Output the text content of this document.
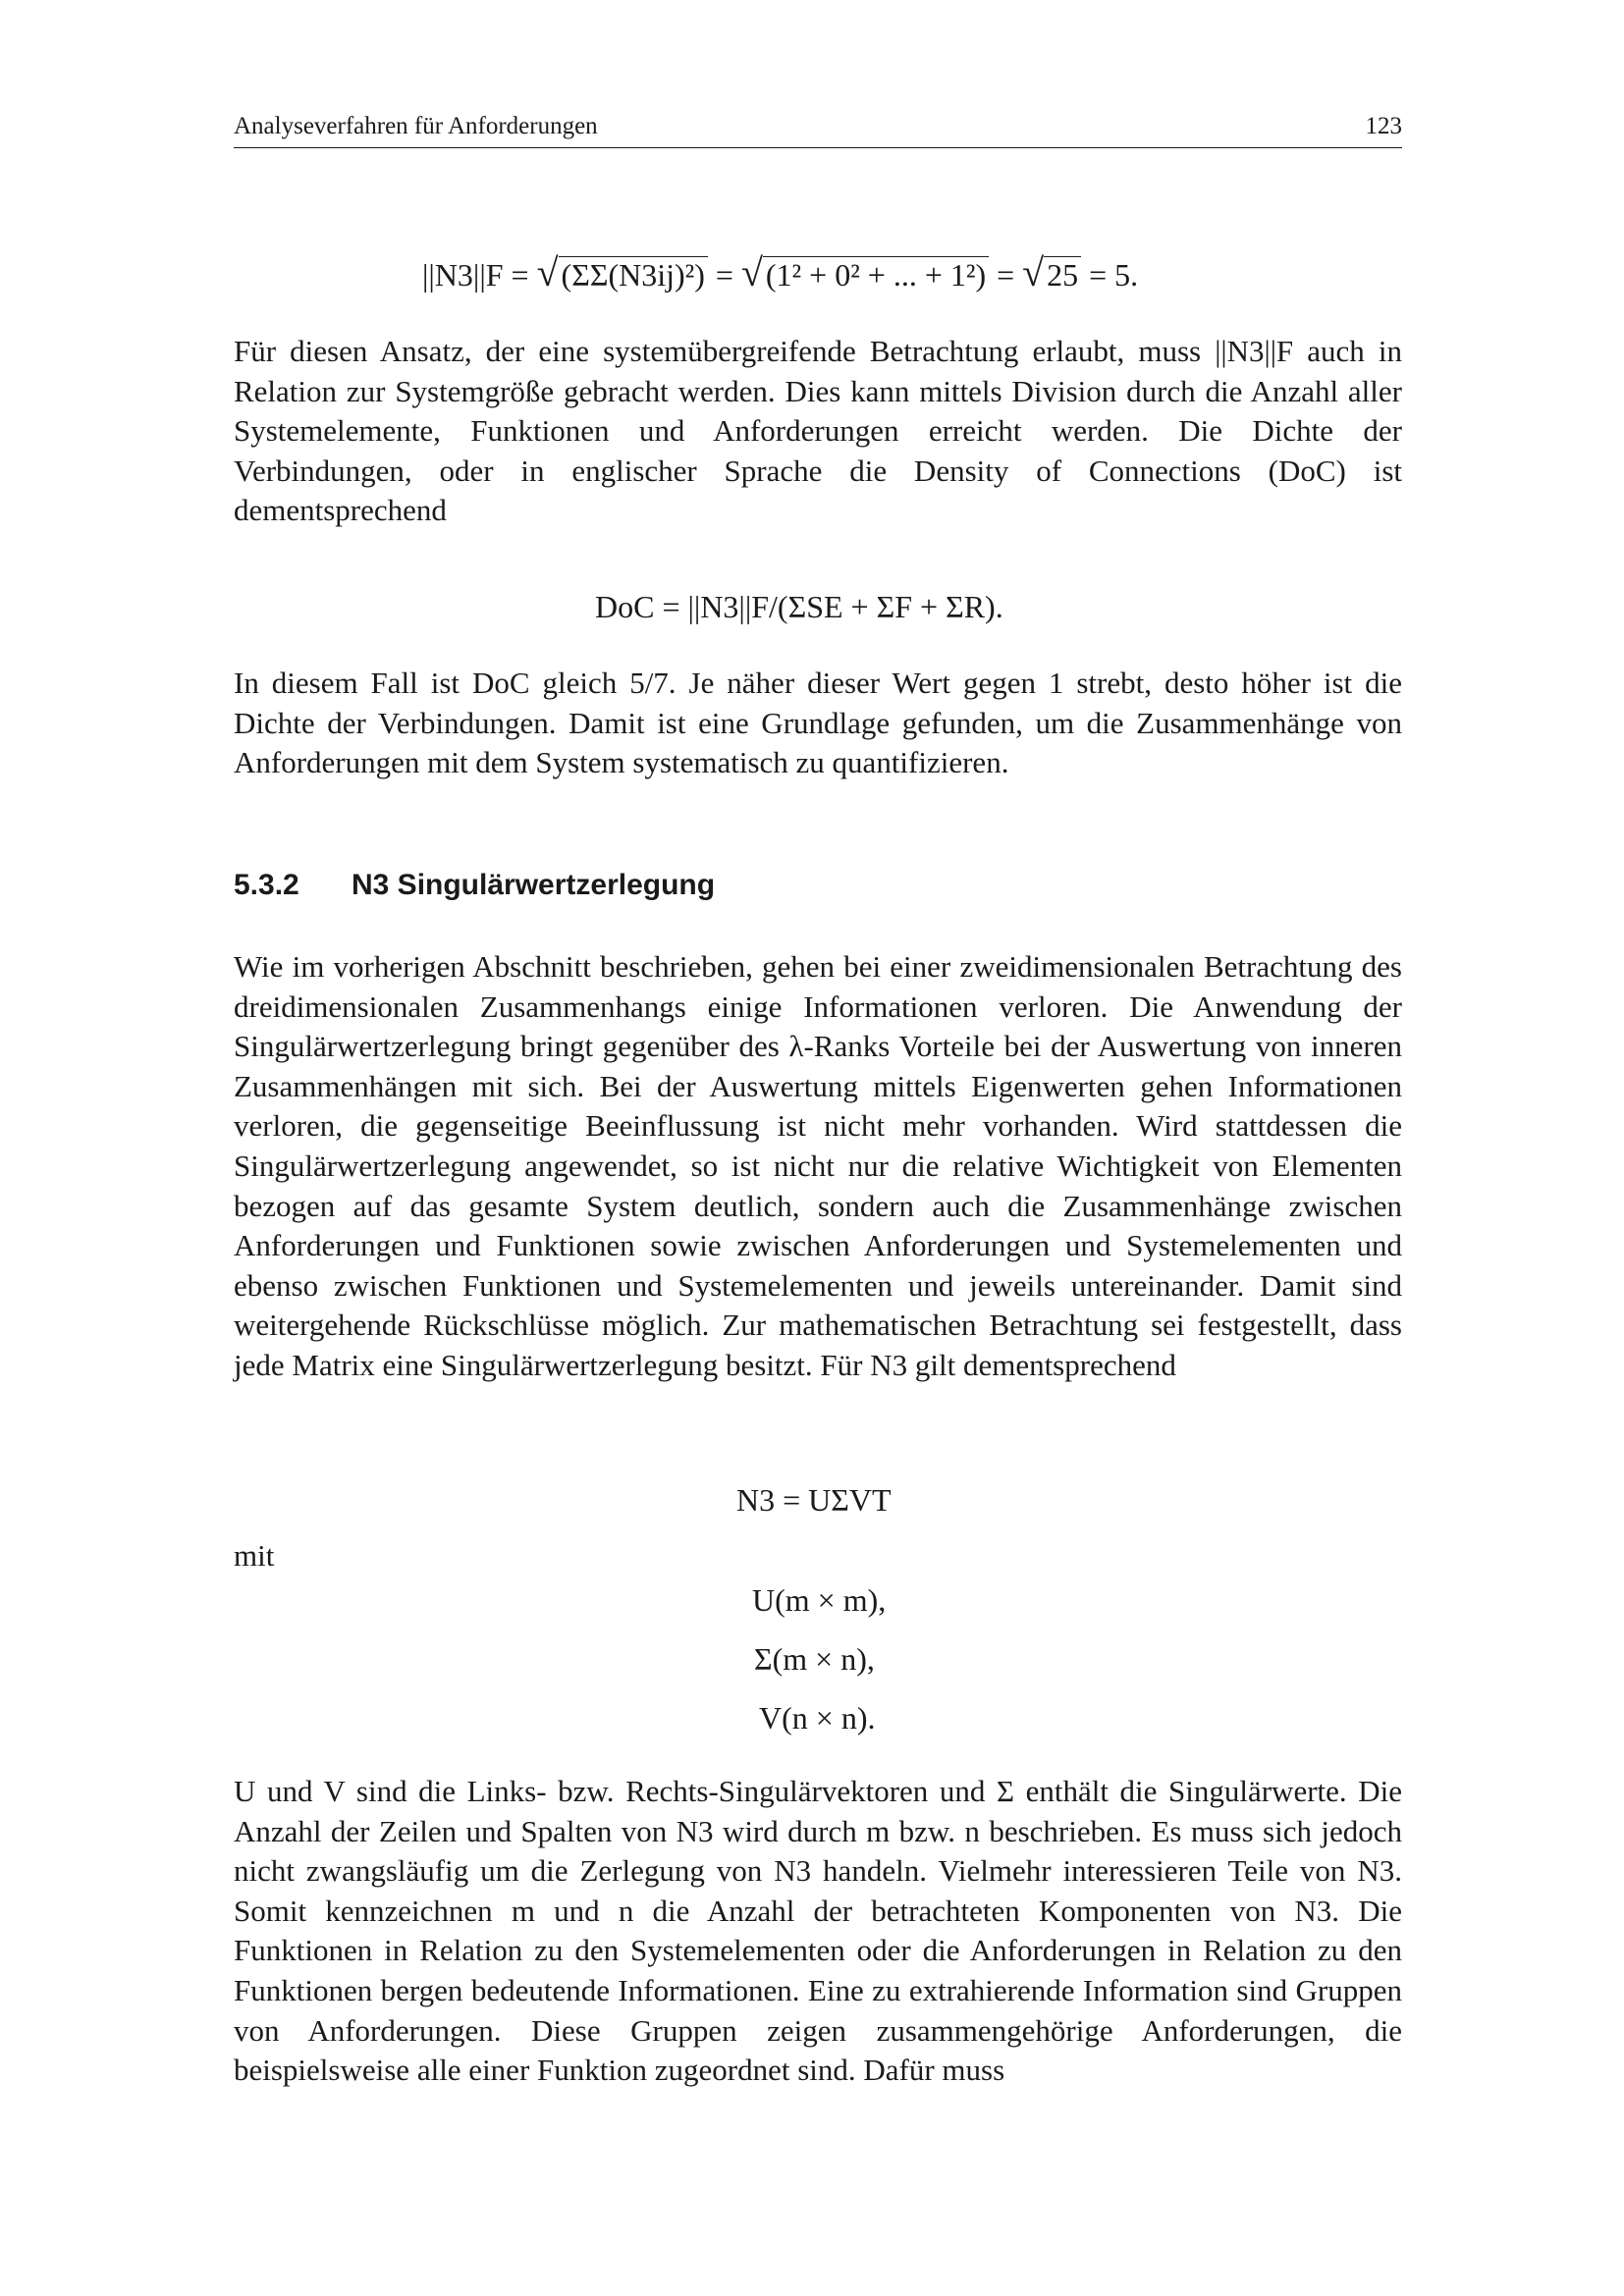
Analyseverfahren für Anforderungen	123
||N3||F = √ (ΣΣ(N3ij)²) = √ (1² + 0² + ... + 1²) = √ 25 = 5.
Für diesen Ansatz, der eine systemübergreifende Betrachtung erlaubt, muss ||N3||F auch in Relation zur Systemgröße gebracht werden. Dies kann mittels Division durch die Anzahl aller Systemelemente, Funktionen und Anforderungen erreicht werden. Die Dichte der Verbindungen, oder in englischer Sprache die Density of Connections (DoC) ist dementsprechend
DoC = ||N3||F/(ΣSE + ΣF + ΣR).
In diesem Fall ist DoC gleich 5/7. Je näher dieser Wert gegen 1 strebt, desto höher ist die Dichte der Verbindungen. Damit ist eine Grundlage gefunden, um die Zusammenhänge von Anforderungen mit dem System systematisch zu quantifizieren.
5.3.2 N3 Singulärwertzerlegung
Wie im vorherigen Abschnitt beschrieben, gehen bei einer zweidimensionalen Betrachtung des dreidimensionalen Zusammenhangs einige Informationen verloren. Die Anwendung der Singulärwertzerlegung bringt gegenüber des λ-Ranks Vorteile bei der Auswertung von inneren Zusammenhängen mit sich. Bei der Auswertung mittels Eigenwerten gehen Informationen verloren, die gegenseitige Beeinflussung ist nicht mehr vorhanden. Wird stattdessen die Singulärwertzerlegung angewendet, so ist nicht nur die relative Wichtigkeit von Elementen bezogen auf das gesamte System deutlich, sondern auch die Zusammenhänge zwischen Anforderungen und Funktionen sowie zwischen Anforderungen und Systemelementen und ebenso zwischen Funktionen und Systemelementen und jeweils untereinander. Damit sind weitergehende Rückschlüsse möglich. Zur mathematischen Betrachtung sei festgestellt, dass jede Matrix eine Singulärwertzerlegung besitzt. Für N3 gilt dementsprechend
N3 = UΣVT
mit
U(m × m),
Σ(m × n),
V(n × n).
U und V sind die Links- bzw. Rechts-Singulärvektoren und Σ enthält die Singulärwerte. Die Anzahl der Zeilen und Spalten von N3 wird durch m bzw. n beschrieben. Es muss sich jedoch nicht zwangsläufig um die Zerlegung von N3 handeln. Vielmehr interessieren Teile von N3. Somit kennzeichnen m und n die Anzahl der betrachteten Komponenten von N3. Die Funktionen in Relation zu den Systemelementen oder die Anforderungen in Relation zu den Funktionen bergen bedeutende Informationen. Eine zu extrahierende Information sind Gruppen von Anforderungen. Diese Gruppen zeigen zusammengehörige Anforderungen, die beispielsweise alle einer Funktion zugeordnet sind. Dafür muss
